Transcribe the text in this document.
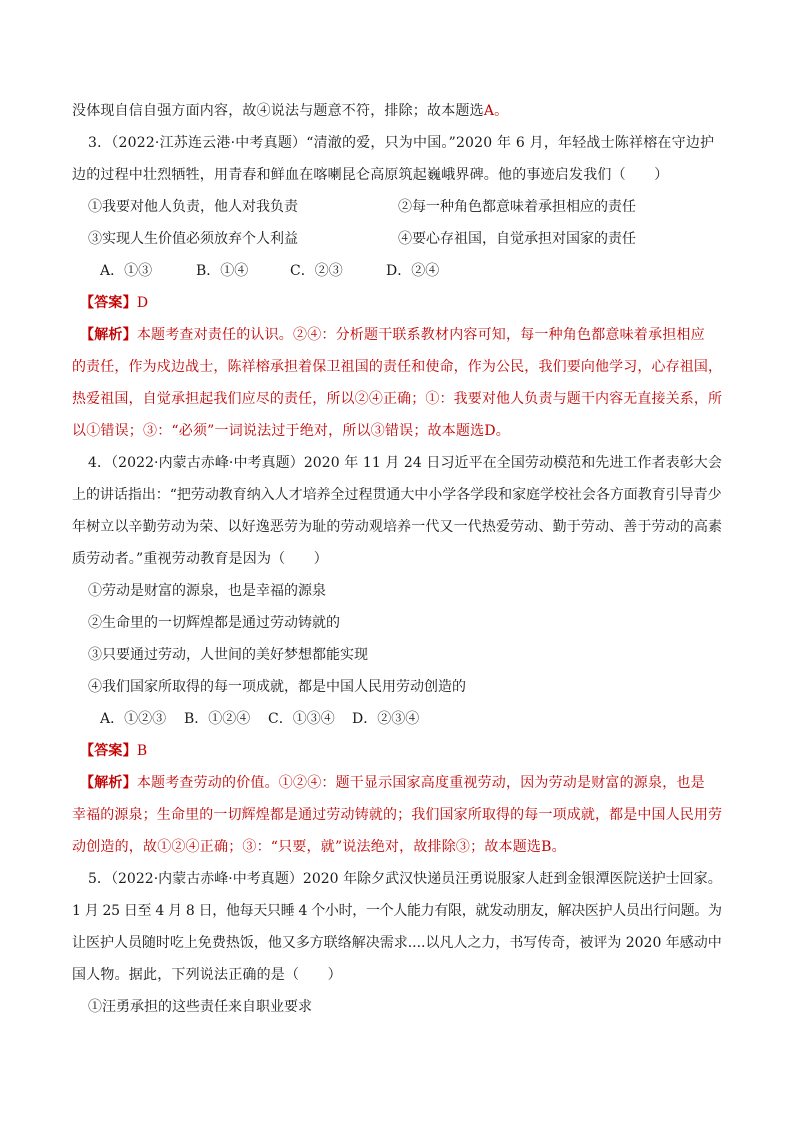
没体现自信自强方面内容，故④说法与题意不符，排除；故本题选A。
3．（2022·江苏连云港·中考真题）“清澈的爱，只为中国。”2020 年 6 月，年轻战士陈祥榕在守边护
边的过程中壮烈牺牲，用青春和鲜血在喀喇昆仑高原筑起巍峨界碑。他的事迹启发我们（　　）
①我要对他人负责，他人对我负责	②每一种角色都意味着承担相应的责任
③实现人生价值必须放弃个人利益	④要心存祖国，自觉承担对国家的责任
A．①③	B．①④	C．②③	D．②④
【答案】D
【解析】本题考查对责任的认识。②④：分析题干联系教材内容可知，每一种角色都意味着承担相应
的责任，作为戍边战士，陈祥榕承担着保卫祖国的责任和使命，作为公民，我们要向他学习，心存祖国，
热爱祖国，自觉承担起我们应尽的责任，所以②④正确；①：我要对他人负责与题干内容无直接关系，所
以①错误；③：“必须”一词说法过于绝对，所以③错误；故本题选D。
4．（2022·内蒙古赤峰·中考真题）2020 年 11 月 24 日习近平在全国劳动模范和先进工作者表彰大会
上的讲话指出：“把劳动教育纳入人才培养全过程贯通大中小学各学段和家庭学校社会各方面教育引导青少
年树立以辛勤劳动为荣、以好逸恶劳为耻的劳动观培养一代又一代热爱劳动、勤于劳动、善于劳动的高素
质劳动者。”重视劳动教育是因为（　　）
①劳动是财富的源泉，也是幸福的源泉
②生命里的一切辉煌都是通过劳动铸就的
③只要通过劳动，人世间的美好梦想都能实现
④我们国家所取得的每一项成就，都是中国人民用劳动创造的
A．①②③ B．①②④ C．①③④ D．②③④
【答案】B
【解析】本题考查劳动的价值。①②④：题干显示国家高度重视劳动，因为劳动是财富的源泉，也是
幸福的源泉；生命里的一切辉煌都是通过劳动铸就的；我们国家所取得的每一项成就，都是中国人民用劳
动创造的，故①②④正确；③：“只要，就”说法绝对，故排除③；故本题选B。
5．（2022·内蒙古赤峰·中考真题）2020 年除夕武汉快递员汪勇说服家人赶到金银潭医院送护士回家。
1 月 25 日至 4 月 8 日，他每天只睡 4 个小时，一个人能力有限，就发动朋友，解决医护人员出行问题。为
让医护人员随时吃上免费热饭，他又多方联络解决需求....以凡人之力，书写传奇，被评为 2020 年感动中
国人物。据此，下列说法正确的是（　　）
①汪勇承担的这些责任来自职业要求
